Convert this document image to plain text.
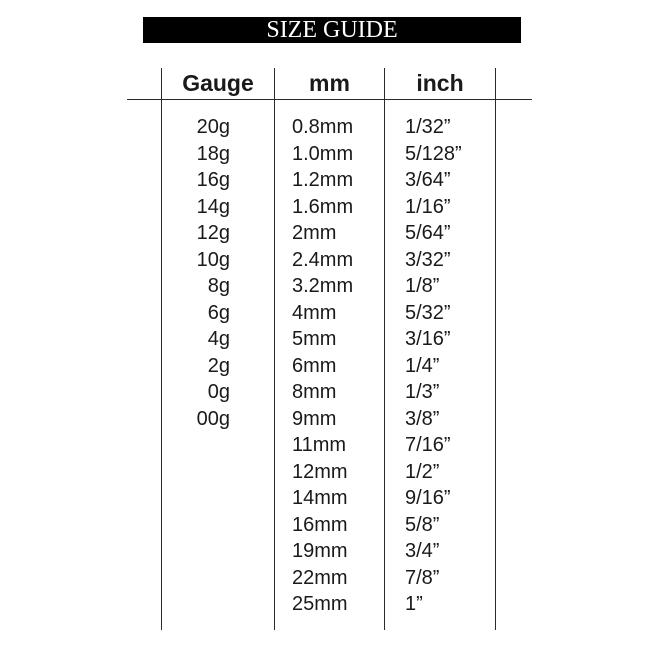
SIZE GUIDE
Gauge	mm	inch
20g
18g
16g
14g
12g
10g
8g
6g
4g
2g
0g
00g
0.8mm
1.0mm
1.2mm
1.6mm
2mm
2.4mm
3.2mm
4mm
5mm
6mm
8mm
9mm
11mm
12mm
14mm
16mm
19mm
22mm
25mm
1/32”
5/128”
3/64”
1/16”
5/64”
3/32”
1/8”
5/32”
3/16”
1/4”
1/3”
3/8”
7/16”
1/2”
9/16”
5/8”
3/4”
7/8”
1”
